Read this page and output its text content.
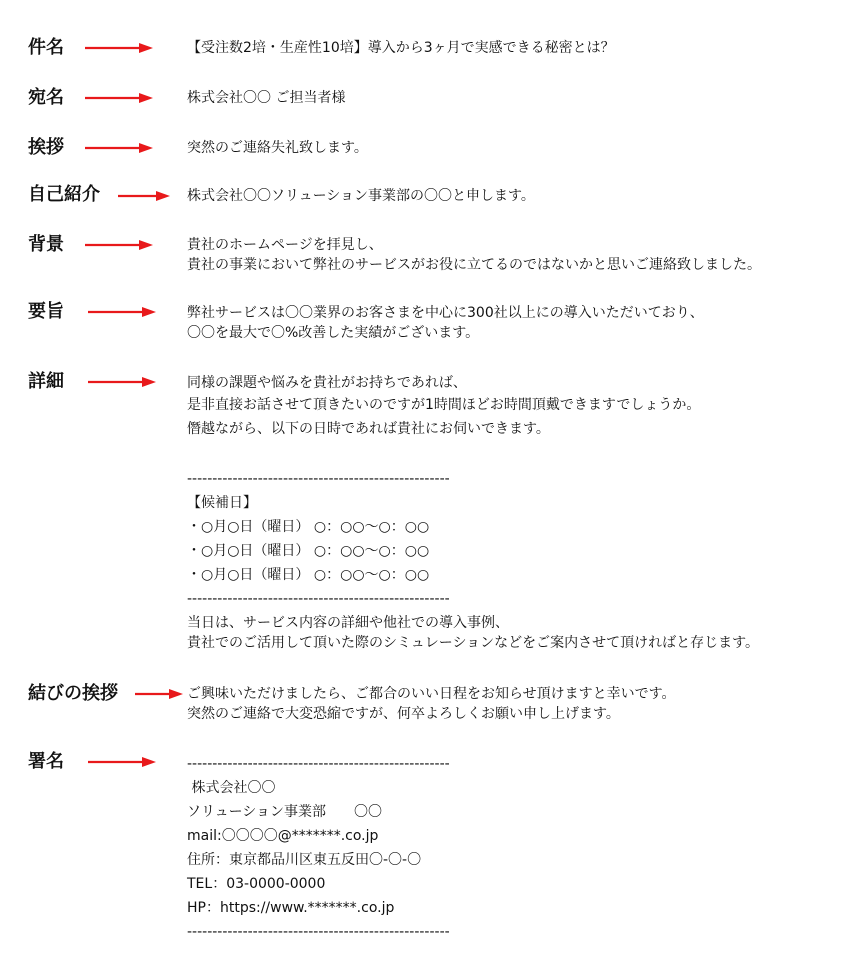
件名
宛名
挨拶
自己紹介
背景
要旨
詳細
結びの挨拶
署名
【受注数2培・生産性10培】導入から3ヶ月で実感できる秘密とは？
株式会社〇〇 ご担当者様
突然のご連絡失礼致します。
株式会社〇〇ソリューション事業部の〇〇と申します。
貴社のホームページを拝見し、
貴社の事業において弊社のサービスがお役に立てるのではないかと思いご連絡致しました。
弊社サービスは〇〇業界のお客さまを中心に300社以上にの導入いただいており、
〇〇を最大で〇%改善した実績がございます。
同様の課題や悩みを貴社がお持ちであれば、
是非直接お話させて頂きたいのですが1時間ほどお時間頂戴できますでしょうか。
僭越ながら、以下の日時であれば貴社にお伺いできます。
----------------------------------------------------
【候補日】
・○月○日（曜日） ○：○○〜○：○○
・○月○日（曜日） ○：○○〜○：○○
・○月○日（曜日） ○：○○〜○：○○
----------------------------------------------------
当日は、サービス内容の詳細や他社での導入事例、
貴社でのご活用して頂いた際のシミュレーションなどをご案内させて頂ければと存じます。
ご興味いただけましたら、ご都合のいい日程をお知らせ頂けますと幸いです。
突然のご連絡で大変恐縮ですが、何卒よろしくお願い申し上げます。
----------------------------------------------------
株式会社〇〇
ソリューション事業部　　〇〇
mail:〇〇〇〇@*******.co.jp
住所：東京都品川区東五反田〇-〇-〇
TEL：03-0000-0000
HP：https://www.*******.co.jp
----------------------------------------------------
